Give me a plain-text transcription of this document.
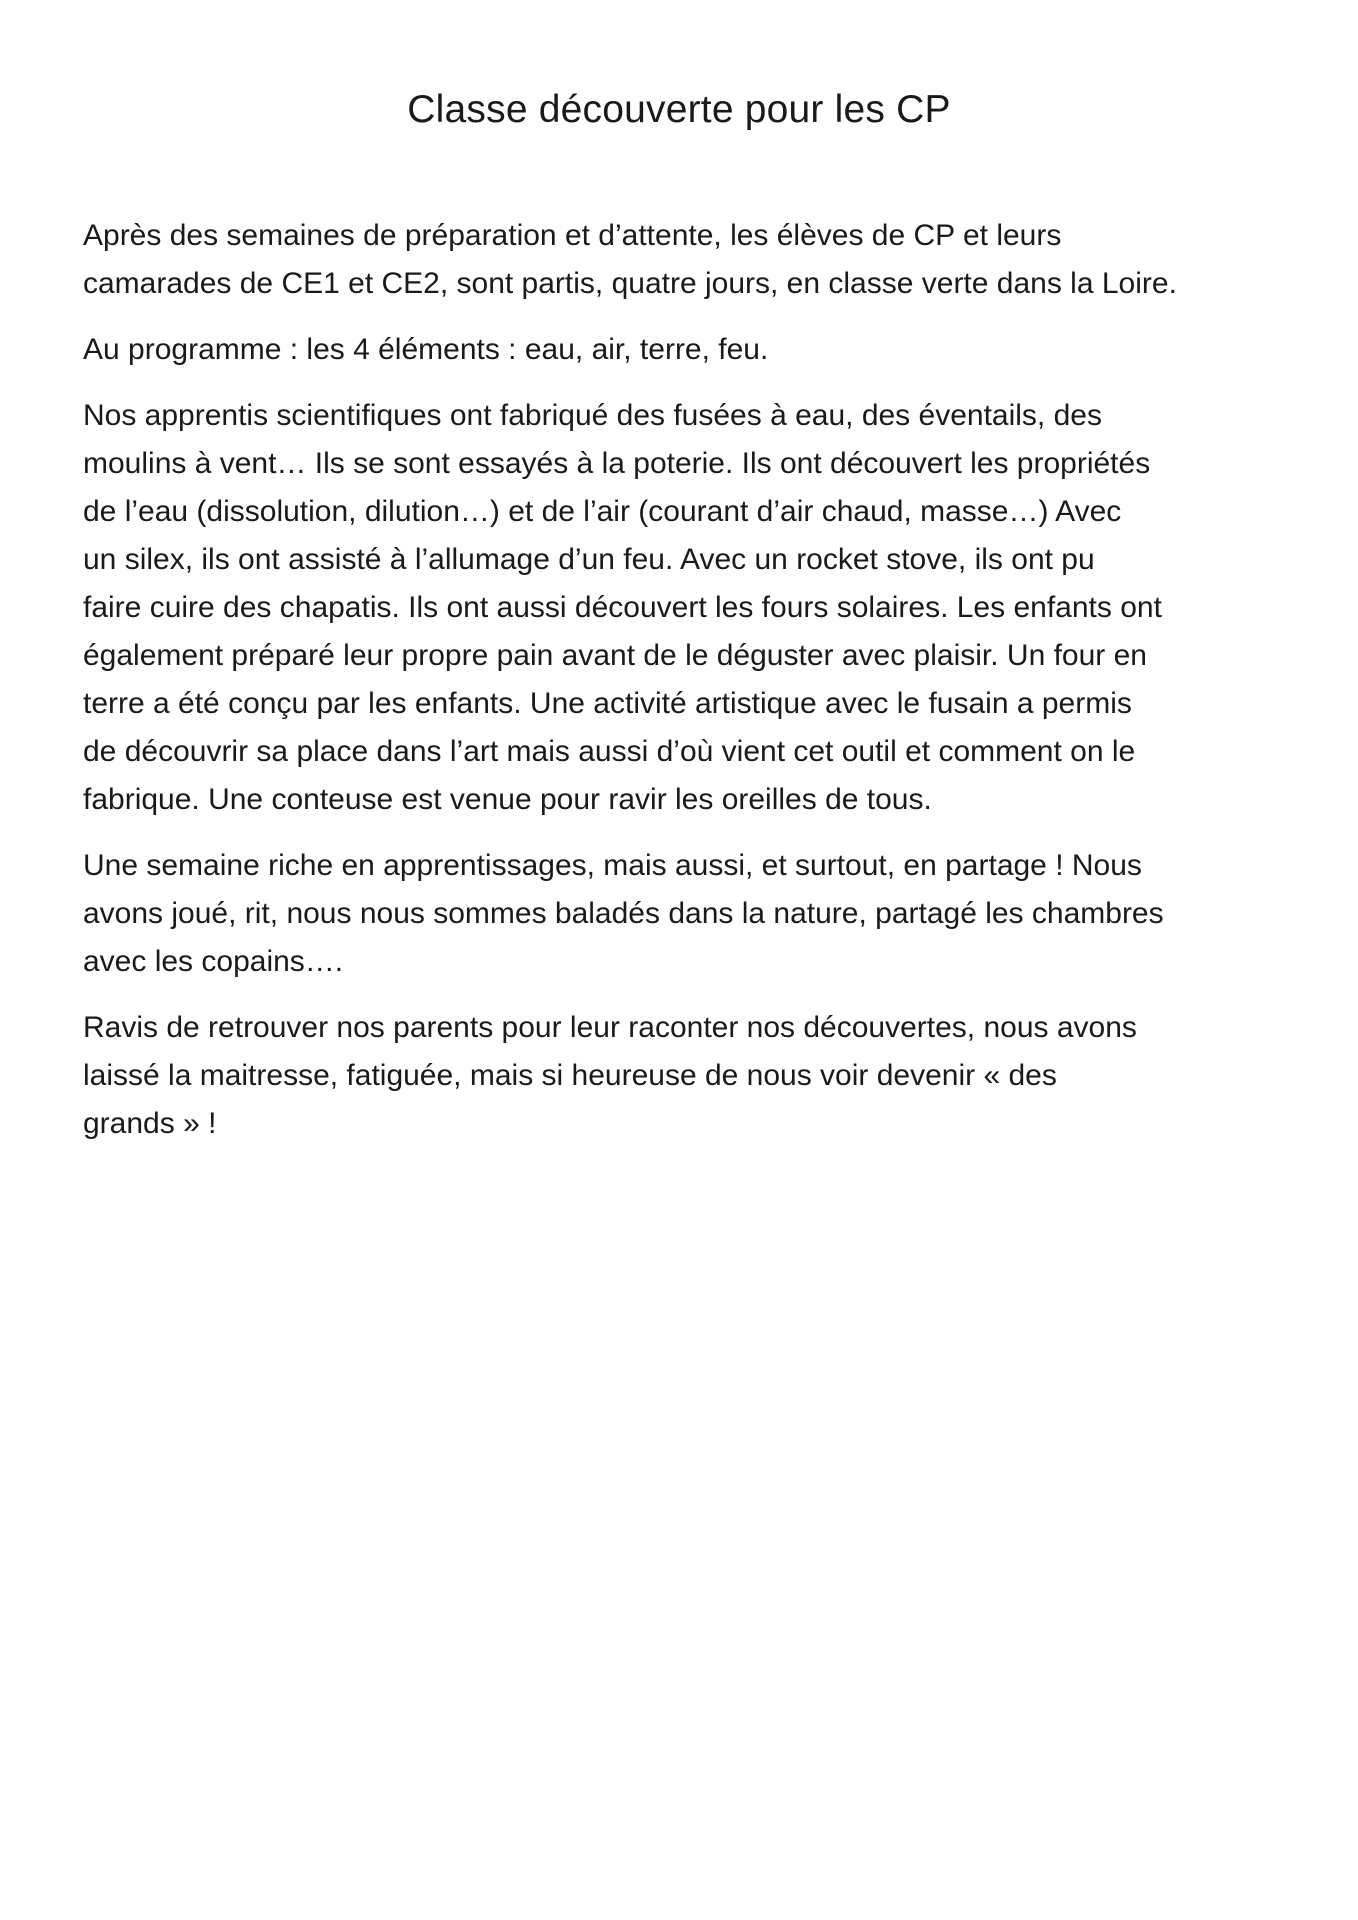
Classe découverte pour les CP

Après des semaines de préparation et d’attente, les élèves de CP et leurs
camarades de CE1 et CE2, sont partis, quatre jours, en classe verte dans la Loire.

Au programme : les 4 éléments : eau, air, terre, feu.

Nos apprentis scientifiques ont fabriqué des fusées à eau, des éventails, des
moulins à vent… Ils se sont essayés à la poterie. Ils ont découvert les propriétés
de l’eau (dissolution, dilution…) et de l’air (courant d’air chaud, masse…) Avec
un silex, ils ont assisté à l’allumage d’un feu. Avec un rocket stove, ils ont pu
faire cuire des chapatis. Ils ont aussi découvert les fours solaires. Les enfants ont
également préparé leur propre pain avant de le déguster avec plaisir. Un four en
terre a été conçu par les enfants. Une activité artistique avec le fusain a permis
de découvrir sa place dans l’art mais aussi d’où vient cet outil et comment on le
fabrique. Une conteuse est venue pour ravir les oreilles de tous.

Une semaine riche en apprentissages, mais aussi, et surtout, en partage ! Nous
avons joué, rit, nous nous sommes baladés dans la nature, partagé les chambres
avec les copains….

Ravis de retrouver nos parents pour leur raconter nos découvertes, nous avons
laissé la maitresse, fatiguée, mais si heureuse de nous voir devenir « des
grands » !
